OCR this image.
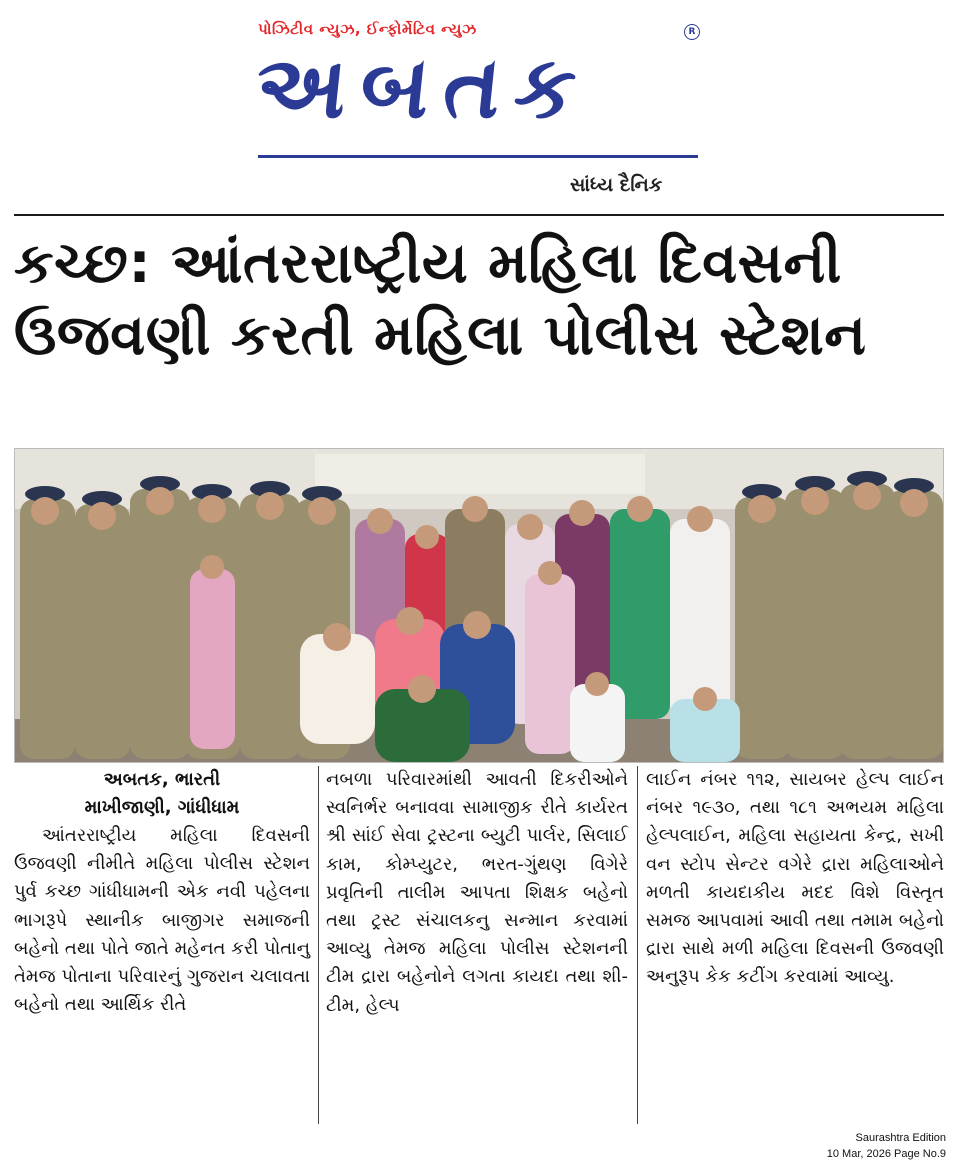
પોઝિટીવ ન્યુઝ, ઈન્ફોર્મેટિવ ન્યુઝ	R
અબતક
સાંધ્ય દૈનિક
કચ્છ: આંતરરાષ્ટ્રીય મહિલા દિવસની
ઉજવણી કરતી મહિલા પોલીસ સ્ટેશન
અબતક, ભારતી
માખીજાણી, ગાંધીધામ
આંતરરાષ્ટ્રીય મહિલા દિવસની ઉજવણી નીમીતે મહિલા પોલીસ સ્ટેશન પુર્વ કચ્છ ગાંધીધામની એક નવી પહેલના ભાગરૂપે સ્થાનીક બાજીગર સમાજની બહેનો તથા પોતે જાતે મહેનત કરી પોતાનુ તેમજ પોતાના પરિવારનું ગુજરાન ચલાવતા બહેનો તથા આર્થિક રીતે
નબળા પરિવારમાંથી આવતી દિકરીઓને સ્વનિર્ભર બનાવવા સામાજીક રીતે કાર્યરત શ્રી સાંઈ સેવા ટ્રસ્ટના બ્યુટી પાર્લર, સિલાઈ કામ, કોમ્પ્યુટર, ભરત-ગુંથણ વિગેરે પ્રવૃતિની તાલીમ આપતા શિક્ષક બહેનો તથા ટ્રસ્ટ સંચાલકનુ સન્માન કરવામાં આવ્યુ તેમજ મહિલા પોલીસ સ્ટેશનની ટીમ દ્રારા બહેનોને લગતા કાયદા તથા શી-ટીમ, હેલ્પ
લાઈન નંબર ૧૧૨, સાયબર હેલ્પ લાઈન નંબર ૧૯૩૦, તથા ૧૮૧ અભયમ મહિલા હેલ્પલાઈન, મહિલા સહાયતા કેન્દ્ર, સખી વન સ્ટોપ સેન્ટર વગેરે દ્રારા મહિલાઓને મળતી કાયદાકીય મદદ વિશે વિસ્તૃત સમજ આપવામાં આવી તથા તમામ બહેનો દ્રારા સાથે મળી મહિલા દિવસની ઉજવણી અનુરૂપ કેક કટીંગ કરવામાં આવ્યુ.
Saurashtra Edition
10 Mar, 2026 Page No.9
